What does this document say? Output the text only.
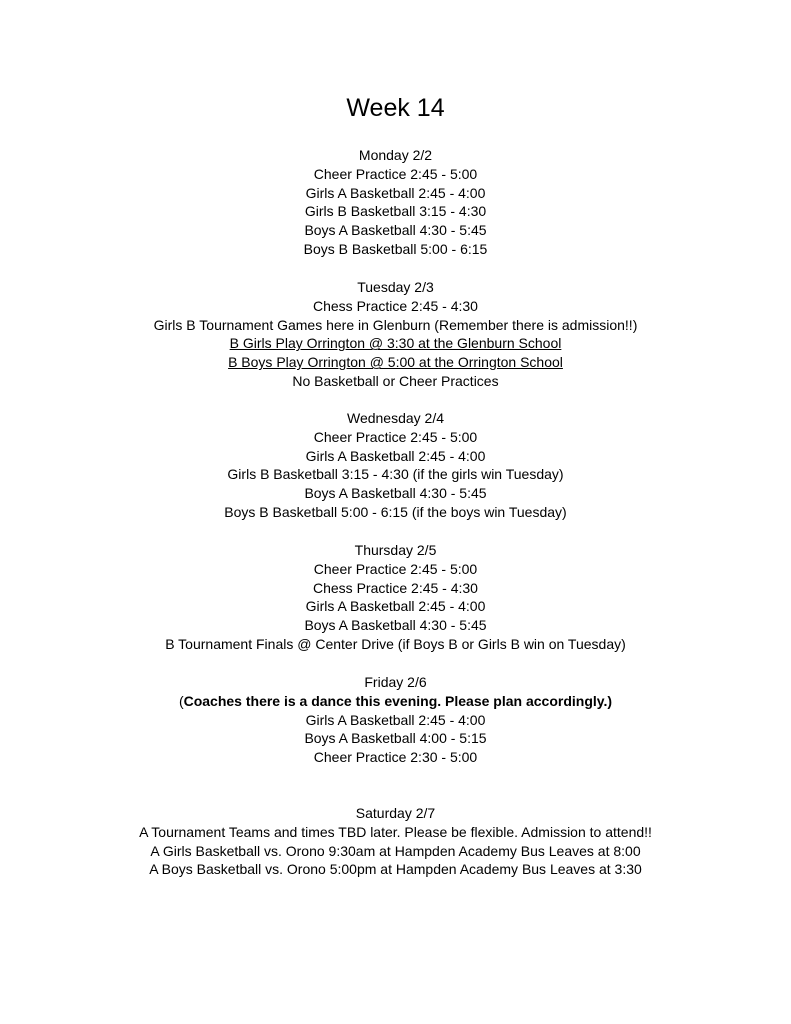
Week 14
Monday 2/2
Cheer Practice 2:45 - 5:00
Girls A Basketball 2:45 - 4:00
Girls B Basketball 3:15 - 4:30
Boys A Basketball 4:30 - 5:45
Boys B Basketball 5:00 - 6:15
Tuesday 2/3
Chess Practice 2:45 - 4:30
Girls B Tournament Games here in Glenburn (Remember there is admission!!)
B Girls Play Orrington @ 3:30 at the Glenburn School
B Boys Play Orrington @ 5:00 at the Orrington School
No Basketball or Cheer Practices
Wednesday 2/4
Cheer Practice 2:45 - 5:00
Girls A Basketball 2:45 - 4:00
Girls B Basketball 3:15 - 4:30 (if the girls win Tuesday)
Boys A Basketball 4:30 - 5:45
Boys B Basketball 5:00 - 6:15 (if the boys win Tuesday)
Thursday 2/5
Cheer Practice 2:45 - 5:00
Chess Practice 2:45 - 4:30
Girls A Basketball 2:45 - 4:00
Boys A Basketball 4:30 - 5:45
B Tournament Finals @ Center Drive (if Boys B or Girls B win on Tuesday)
Friday 2/6
(Coaches there is a dance this evening. Please plan accordingly.)
Girls A Basketball 2:45 - 4:00
Boys A Basketball 4:00 - 5:15
Cheer Practice 2:30 - 5:00
Saturday 2/7
A Tournament Teams and times TBD later. Please be flexible. Admission to attend!!
A Girls Basketball vs. Orono 9:30am at Hampden Academy Bus Leaves at 8:00
A Boys Basketball vs. Orono 5:00pm at Hampden Academy Bus Leaves at 3:30
